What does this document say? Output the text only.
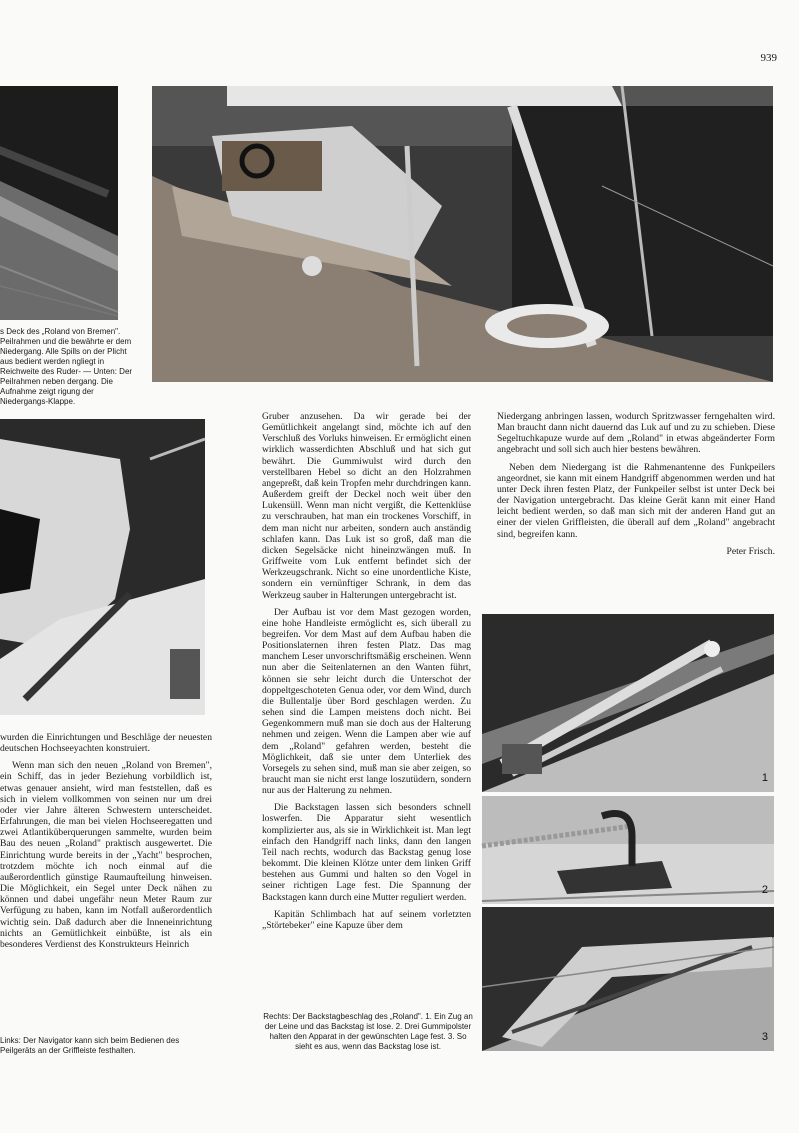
939
s Deck des „Roland von Bremen". Peilrahmen und die bewährte er dem Niedergang. Alle Spills on der Plicht aus bedient werden ngliegt in Reichweite des Ruder- — Unten: Der Peilrahmen neben dergang. Die Aufnahme zeigt rigung der Niedergangs-Klappe.

wurden die Einrichtungen und Beschläge der neuesten deutschen Hochseeyachten konstruiert.

Wenn man sich den neuen „Roland von Bremen", ein Schiff, das in jeder Beziehung vorbildlich ist, etwas genauer ansieht, wird man feststellen, daß es sich in vielem vollkommen von seinen nur um drei oder vier Jahre älteren Schwestern unterscheidet. Erfahrungen, die man bei vielen Hochseeregatten und zwei Atlantiküberquerungen sammelte, wurden beim Bau des neuen „Roland" praktisch ausgewertet. Die Einrichtung wurde bereits in der „Yacht" besprochen, trotzdem möchte ich noch einmal auf die außerordentlich günstige Raumaufteilung hinweisen. Die Möglichkeit, ein Segel unter Deck nähen zu können und dabei ungefähr neun Meter Raum zur Verfügung zu haben, kann im Notfall außerordentlich wichtig sein. Daß dadurch aber die Inneneinrichtung nichts an Gemütlichkeit einbüßte, ist als ein besonderes Verdienst des Konstrukteurs Heinrich

Gruber anzusehen. Da wir gerade bei der Gemütlichkeit angelangt sind, möchte ich auf den Verschluß des Vorluks hinweisen. Er ermöglicht einen wirklich wasserdichten Abschluß und hat sich gut bewährt. Die Gummiwulst wird durch den verstellbaren Hebel so dicht an den Holzrahmen angepreßt, daß kein Tropfen mehr durchdringen kann. Außerdem greift der Deckel noch weit über den Lukensüll. Wenn man nicht vergißt, die Kettenklüse zu verschrauben, hat man ein trockenes Vorschiff, in dem man nicht nur arbeiten, sondern auch anständig schlafen kann. Das Luk ist so groß, daß man die dicken Segelsäcke nicht hineinzwängen muß. In Griffweite vom Luk entfernt befindet sich der Werkzeugschrank. Nicht so eine unordentliche Kiste, sondern ein vernünftiger Schrank, in dem das Werkzeug sauber in Halterungen untergebracht ist.

Der Aufbau ist vor dem Mast gezogen worden, eine hohe Handleiste ermöglicht es, sich überall zu begreifen. Vor dem Mast auf dem Aufbau haben die Positionslaternen ihren festen Platz. Das mag manchem Leser unvorschriftsmäßig erscheinen. Wenn nun aber die Seitenlaternen an den Wanten führt, können sie sehr leicht durch die Unterschot der doppeltgeschoteten Genua oder, vor dem Wind, durch die Bullentalje über Bord geschlagen werden. Zu sehen sind die Lampen meistens doch nicht. Bei Gegenkommern muß man sie doch aus der Halterung nehmen und zeigen. Wenn die Lampen aber wie auf dem „Roland" gefahren werden, besteht die Möglichkeit, daß sie unter dem Unterliek des Vorsegels zu sehen sind, muß man sie aber zeigen, so braucht man sie nicht erst lange loszutüdern, sondern nur aus der Halterung zu nehmen.

Die Backstagen lassen sich besonders schnell loswerfen. Die Apparatur sieht wesentlich komplizierter aus, als sie in Wirklichkeit ist. Man legt einfach den Handgriff nach links, dann den langen Teil nach rechts, wodurch das Backstag genug lose bekommt. Die kleinen Klötze unter dem linken Griff bestehen aus Gummi und halten so den Vogel in seiner richtigen Lage fest. Die Spannung der Backstagen kann durch eine Mutter reguliert werden.

Kapitän Schlimbach hat auf seinem vorletzten „Störtebeker" eine Kapuze über dem

Niedergang anbringen lassen, wodurch Spritzwasser ferngehalten wird. Man braucht dann nicht dauernd das Luk auf und zu zu schieben. Diese Segeltuchkapuze wurde auf dem „Roland" in etwas abgeänderter Form angebracht und soll sich auch hier bestens bewähren.

Neben dem Niedergang ist die Rahmenantenne des Funkpeilers angeordnet, sie kann mit einem Handgriff abgenommen werden und hat unter Deck ihren festen Platz, der Funkpeiler selbst ist unter Deck bei der Navigation untergebracht. Das kleine Gerät kann mit einer Hand leicht bedient werden, so daß man sich mit der anderen Hand gut an einer der vielen Griffleisten, die überall auf dem „Roland" angebracht sind, begreifen kann.

Peter Frisch.
1
2
3
Links: Der Navigator kann sich beim Bedienen des Peilgeräts an der Griffleiste festhalten.
Rechts: Der Backstagbeschlag des „Roland". 1. Ein Zug an der Leine und das Backstag ist lose. 2. Drei Gummipolster halten den Apparat in der gewünschten Lage fest. 3. So sieht es aus, wenn das Backstag lose ist.
